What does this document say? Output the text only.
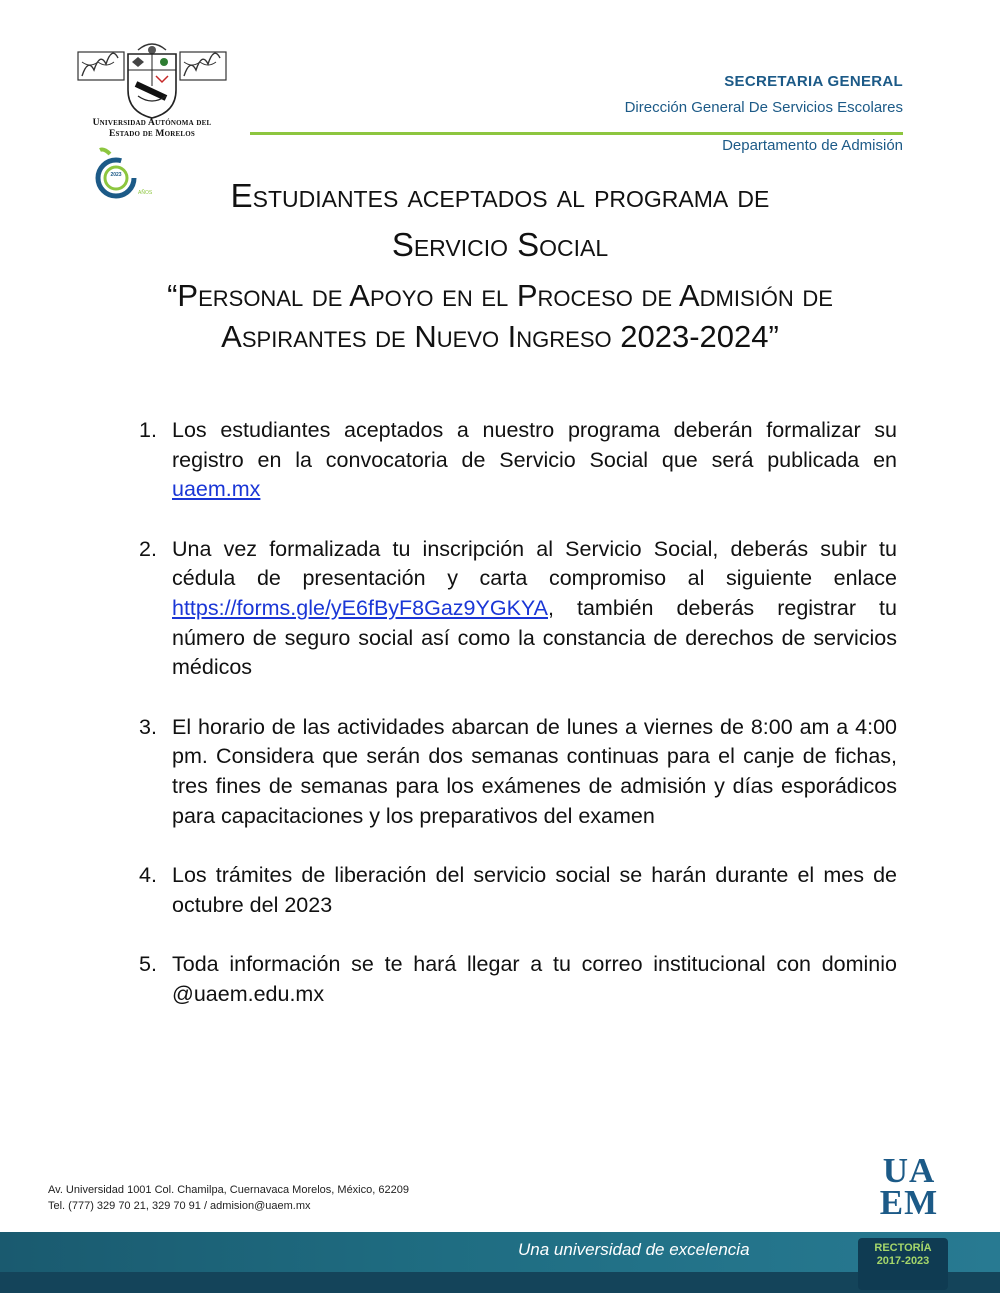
Universidad Autónoma del
Estado de Morelos
2023
AÑOS
SECRETARIA GENERAL
Dirección General De Servicios Escolares
Departamento de Admisión
Estudiantes aceptados al programa de
Servicio Social
“Personal de Apoyo en el Proceso de Admisión de
Aspirantes de Nuevo Ingreso 2023-2024”
1. Los estudiantes aceptados a nuestro programa deberán formalizar su registro en la convocatoria de Servicio Social que será publicada en uaem.mx
2. Una vez formalizada tu inscripción al Servicio Social, deberás subir tu cédula de presentación y carta compromiso al siguiente enlace https://forms.gle/yE6fByF8Gaz9YGKYA, también deberás registrar tu número de seguro social así como la constancia de derechos de servicios médicos
3. El horario de las actividades abarcan de lunes a viernes de 8:00 am a 4:00 pm. Considera que serán dos semanas continuas para el canje de fichas, tres fines de semanas para los exámenes de admisión y días esporádicos para capacitaciones y los preparativos del examen
4. Los trámites de liberación del servicio social se harán durante el mes de octubre del 2023
5. Toda información se te hará llegar a tu correo institucional con dominio @uaem.edu.mx
Av. Universidad 1001 Col. Chamilpa, Cuernavaca Morelos, México, 62209
Tel. (777) 329 70 21, 329 70 91 / admision@uaem.mx
UA
EM
Una universidad de excelencia	RECTORÍA
2017-2023
